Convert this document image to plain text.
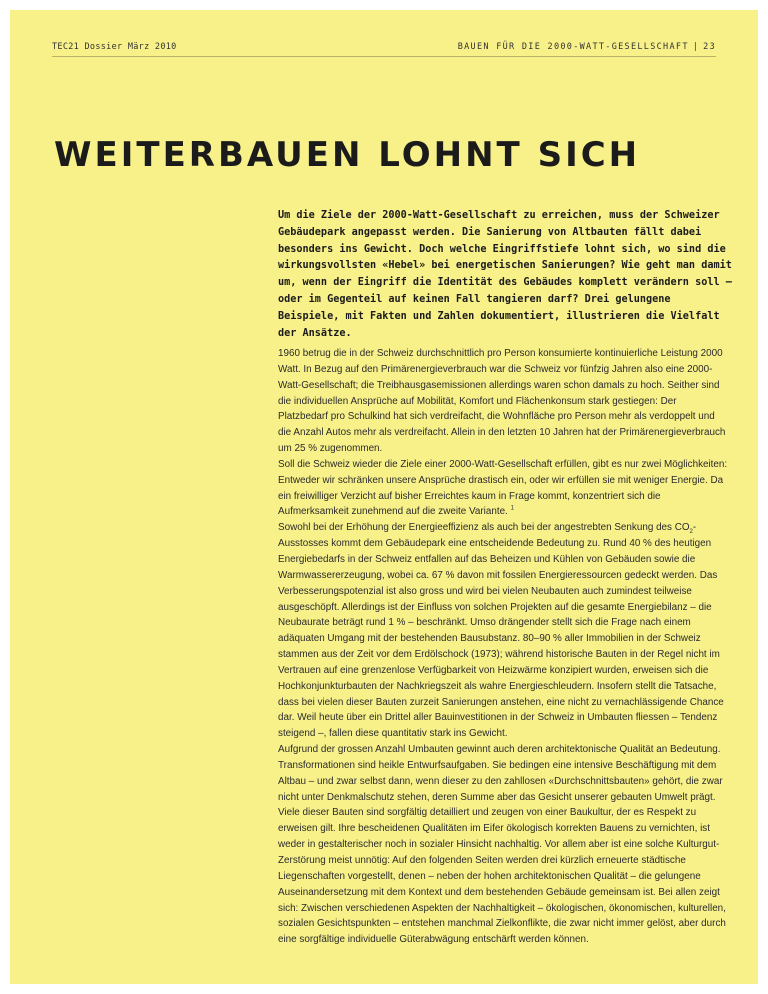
TEC21 Dossier März 2010	BAUEN FÜR DIE 2000-WATT-GESELLSCHAFT | 23
WEITERBAUEN LOHNT SICH

Um die Ziele der 2000-Watt-Gesellschaft zu erreichen, muss der Schweizer Gebäudepark angepasst werden. Die Sanierung von Altbauten fällt dabei besonders ins Gewicht. Doch welche Eingriffstiefe lohnt sich, wo sind die wirkungsvollsten «Hebel» bei energetischen Sanierungen? Wie geht man damit um, wenn der Eingriff die Identität des Gebäudes komplett verändern soll – oder im Gegenteil auf keinen Fall tangieren darf? Drei gelungene Beispiele, mit Fakten und Zahlen dokumentiert, illustrieren die Vielfalt der Ansätze.

1960 betrug die in der Schweiz durchschnittlich pro Person konsumierte kontinuierliche Leistung 2000 Watt. In Bezug auf den Primärenergieverbrauch war die Schweiz vor fünfzig Jahren also eine 2000-Watt-Gesellschaft; die Treibhausgasemissionen allerdings waren schon damals zu hoch. Seither sind die individuellen Ansprüche auf Mobilität, Komfort und Flächenkonsum stark gestiegen: Der Platzbedarf pro Schulkind hat sich verdreifacht, die Wohnfläche pro Person mehr als verdoppelt und die Anzahl Autos mehr als verdreifacht. Allein in den letzten 10 Jahren hat der Primärenergieverbrauch um 25 % zugenommen.

Soll die Schweiz wieder die Ziele einer 2000-Watt-Gesellschaft erfüllen, gibt es nur zwei Möglichkeiten: Entweder wir schränken unsere Ansprüche drastisch ein, oder wir erfüllen sie mit weniger Energie. Da ein freiwilliger Verzicht auf bisher Erreichtes kaum in Frage kommt, konzentriert sich die Aufmerksamkeit zunehmend auf die zweite Variante. $^1$

Sowohl bei der Erhöhung der Energieeffizienz als auch bei der angestrebten Senkung des $CO_2$-Ausstosses kommt dem Gebäudepark eine entscheidende Bedeutung zu. Rund 40 % des heutigen Energiebedarfs in der Schweiz entfallen auf das Beheizen und Kühlen von Gebäuden sowie die Warmwassererzeugung, wobei ca. 67 % davon mit fossilen Energieressourcen gedeckt werden. Das Verbesserungspotenzial ist also gross und wird bei vielen Neubauten auch zumindest teilweise ausgeschöpft. Allerdings ist der Einfluss von solchen Projekten auf die gesamte Energiebilanz – die Neubaurate beträgt rund 1 % – beschränkt. Umso drängender stellt sich die Frage nach einem adäquaten Umgang mit der bestehenden Bausubstanz. 80–90 % aller Immobilien in der Schweiz stammen aus der Zeit vor dem Erdölschock (1973); während historische Bauten in der Regel nicht im Vertrauen auf eine grenzenlose Verfügbarkeit von Heizwärme konzipiert wurden, erweisen sich die Hochkonjunkturbauten der Nachkriegszeit als wahre Energieschleudern. Insofern stellt die Tatsache, dass bei vielen dieser Bauten zurzeit Sanierungen anstehen, eine nicht zu vernachlässigende Chance dar. Weil heute über ein Drittel aller Bauinvestitionen in der Schweiz in Umbauten fliessen – Tendenz steigend –, fallen diese quantitativ stark ins Gewicht.

Aufgrund der grossen Anzahl Umbauten gewinnt auch deren architektonische Qualität an Bedeutung. Transformationen sind heikle Entwurfsaufgaben. Sie bedingen eine intensive Beschäftigung mit dem Altbau – und zwar selbst dann, wenn dieser zu den zahllosen «Durchschnittsbauten» gehört, die zwar nicht unter Denkmalschutz stehen, deren Summe aber das Gesicht unserer gebauten Umwelt prägt. Viele dieser Bauten sind sorgfältig detailliert und zeugen von einer Baukultur, der es Respekt zu erweisen gilt. Ihre bescheidenen Qualitäten im Eifer ökologisch korrekten Bauens zu vernichten, ist weder in gestalterischer noch in sozialer Hinsicht nachhaltig. Vor allem aber ist eine solche Kulturgut-Zerstörung meist unnötig: Auf den folgenden Seiten werden drei kürzlich erneuerte städtische Liegenschaften vorgestellt, denen – neben der hohen architektonischen Qualität – die gelungene Auseinandersetzung mit dem Kontext und dem bestehenden Gebäude gemeinsam ist. Bei allen zeigt sich: Zwischen verschiedenen Aspekten der Nachhaltigkeit – ökologischen, ökonomischen, kulturellen, sozialen Gesichtspunkten – entstehen manchmal Zielkonflikte, die zwar nicht immer gelöst, aber durch eine sorgfältige individuelle Güterabwägung entschärft werden können.
